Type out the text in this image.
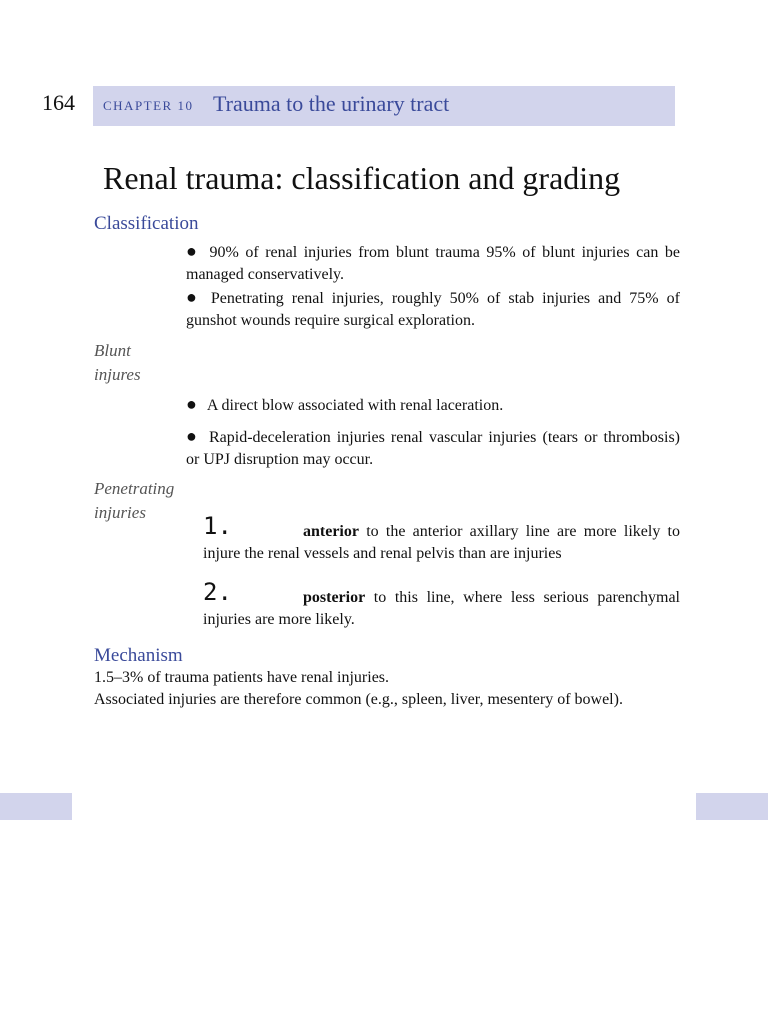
164 CHAPTER 10 Trauma to the urinary tract
Renal trauma: classification and grading
Classification
● 90% of renal injuries from blunt trauma 95% of blunt injuries can be managed conservatively.
● Penetrating renal injuries, roughly 50% of stab injuries and 75% of gunshot wounds require surgical exploration.
Blunt
injures
● A direct blow associated with renal laceration.
● Rapid-deceleration injuries renal vascular injuries (tears or thrombosis) or UPJ disruption may occur.
Penetrating
injuries	1.	anterior to the anterior axillary line are more likely to injure the renal vessels and renal pelvis than are injuries
2.	posterior to this line, where less serious parenchymal injuries are more likely.
Mechanism
1.5–3% of trauma patients have renal injuries.
Associated injuries are therefore common (e.g., spleen, liver, mesentery of bowel).
